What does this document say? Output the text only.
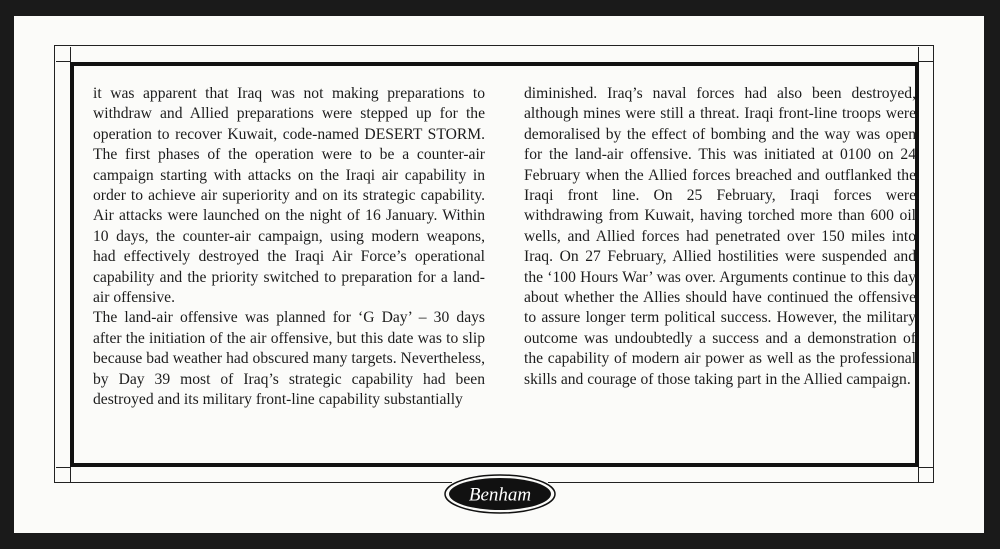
it was apparent that Iraq was not making preparations to withdraw and Allied preparations were stepped up for the operation to recover Kuwait, code-named DESERT STORM. The first phases of the operation were to be a counter-air campaign starting with attacks on the Iraqi air capability in order to achieve air superiority and on its strategic capability. Air attacks were launched on the night of 16 January. Within 10 days, the counter-air campaign, using modern weapons, had effectively destroyed the Iraqi Air Force’s operational capability and the priority switched to preparation for a land-air offensive.

The land-air offensive was planned for ‘G Day’ – 30 days after the initiation of the air offensive, but this date was to slip because bad weather had obscured many targets. Nevertheless, by Day 39 most of Iraq’s strategic capability had been destroyed and its military front-line capability substantially

diminished. Iraq’s naval forces had also been destroyed, although mines were still a threat. Iraqi front-line troops were demoralised by the effect of bombing and the way was open for the land-air offensive. This was initiated at 0100 on 24 February when the Allied forces breached and outflanked the Iraqi front line. On 25 February, Iraqi forces were withdrawing from Kuwait, having torched more than 600 oil wells, and Allied forces had penetrated over 150 miles into Iraq. On 27 February, Allied hostilities were suspended and the ‘100 Hours War’ was over. Arguments continue to this day about whether the Allies should have continued the offensive to assure longer term political success. However, the military outcome was undoubtedly a success and a demonstration of the capability of modern air power as well as the professional skills and courage of those taking part in the Allied campaign.

Benham
